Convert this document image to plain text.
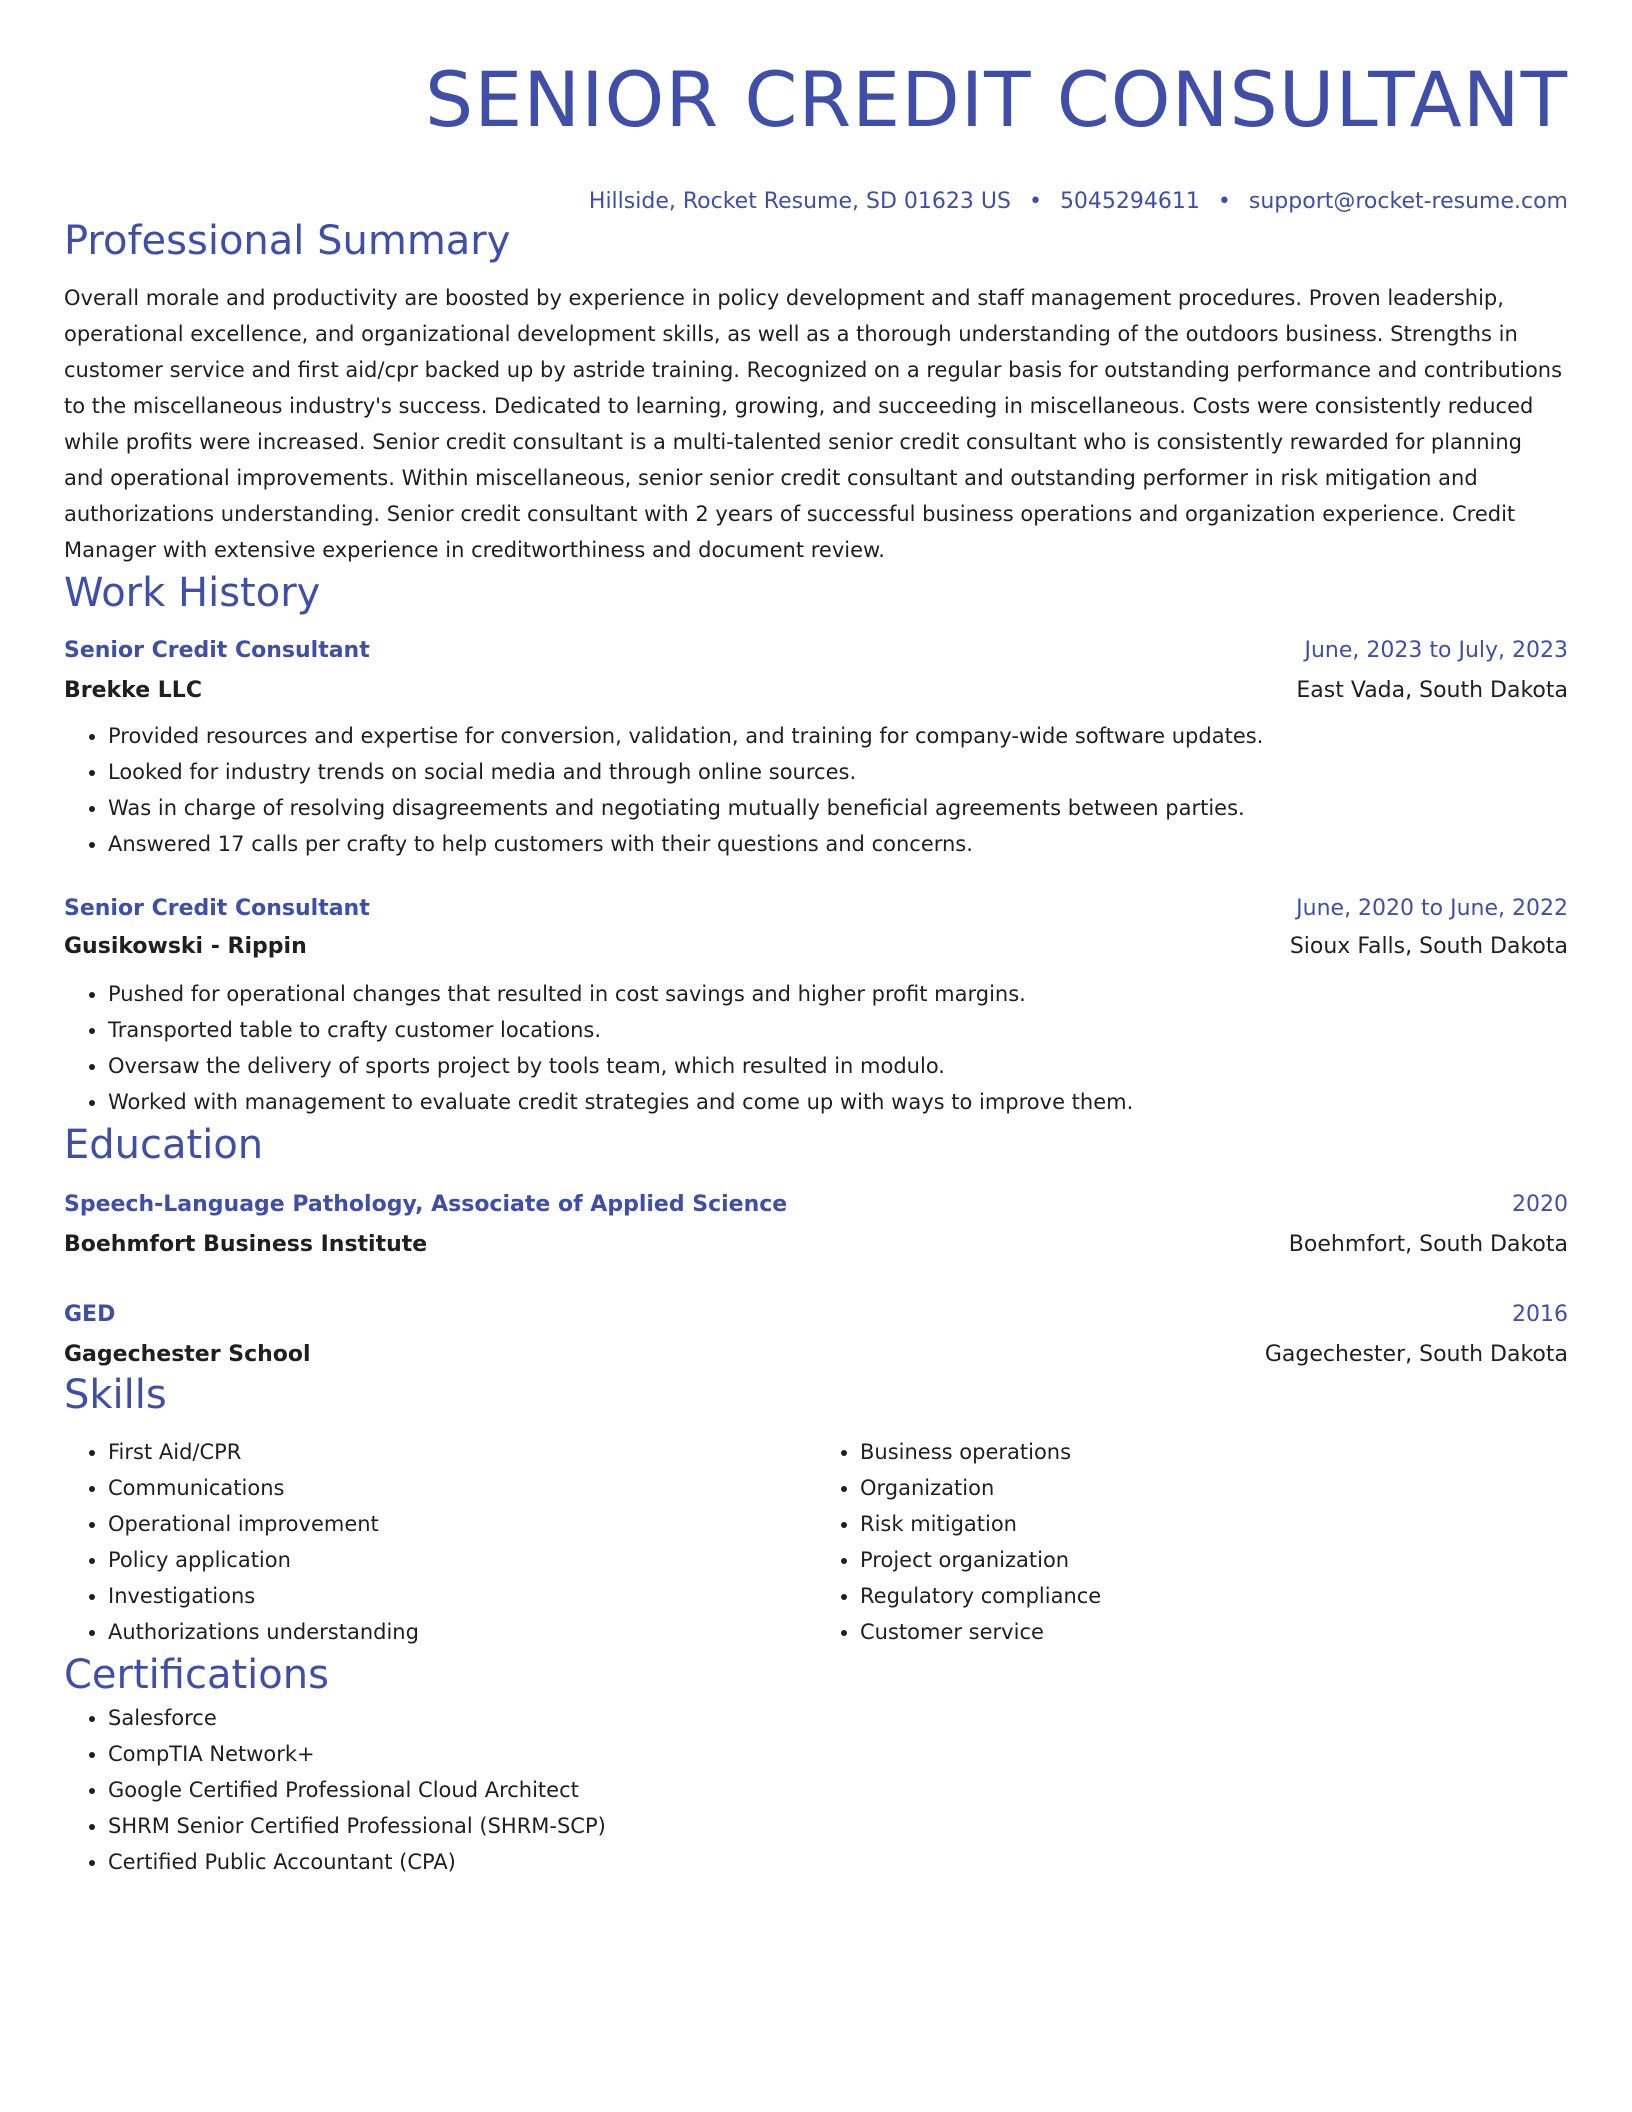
SENIOR CREDIT CONSULTANT
Hillside, Rocket Resume, SD 01623 US • 5045294611 • support@rocket-resume.com
Professional Summary
Overall morale and productivity are boosted by experience in policy development and staff management procedures. Proven leadership, operational excellence, and organizational development skills, as well as a thorough understanding of the outdoors business. Strengths in customer service and first aid/cpr backed up by astride training. Recognized on a regular basis for outstanding performance and contributions to the miscellaneous industry's success. Dedicated to learning, growing, and succeeding in miscellaneous. Costs were consistently reduced while profits were increased. Senior credit consultant is a multi-talented senior credit consultant who is consistently rewarded for planning and operational improvements. Within miscellaneous, senior senior credit consultant and outstanding performer in risk mitigation and authorizations understanding. Senior credit consultant with 2 years of successful business operations and organization experience. Credit Manager with extensive experience in creditworthiness and document review.
Work History
Senior Credit Consultant	June, 2023 to July, 2023
Brekke LLC	East Vada, South Dakota
• Provided resources and expertise for conversion, validation, and training for company-wide software updates.
• Looked for industry trends on social media and through online sources.
• Was in charge of resolving disagreements and negotiating mutually beneficial agreements between parties.
• Answered 17 calls per crafty to help customers with their questions and concerns.
Senior Credit Consultant	June, 2020 to June, 2022
Gusikowski - Rippin	Sioux Falls, South Dakota
• Pushed for operational changes that resulted in cost savings and higher profit margins.
• Transported table to crafty customer locations.
• Oversaw the delivery of sports project by tools team, which resulted in modulo.
• Worked with management to evaluate credit strategies and come up with ways to improve them.
Education
Speech-Language Pathology, Associate of Applied Science	2020
Boehmfort Business Institute	Boehmfort, South Dakota
GED	2016
Gagechester School	Gagechester, South Dakota
Skills
• First Aid/CPR
• Communications
• Operational improvement
• Policy application
• Investigations
• Authorizations understanding
• Business operations
• Organization
• Risk mitigation
• Project organization
• Regulatory compliance
• Customer service
Certifications
• Salesforce
• CompTIA Network+
• Google Certified Professional Cloud Architect
• SHRM Senior Certified Professional (SHRM-SCP)
• Certified Public Accountant (CPA)
